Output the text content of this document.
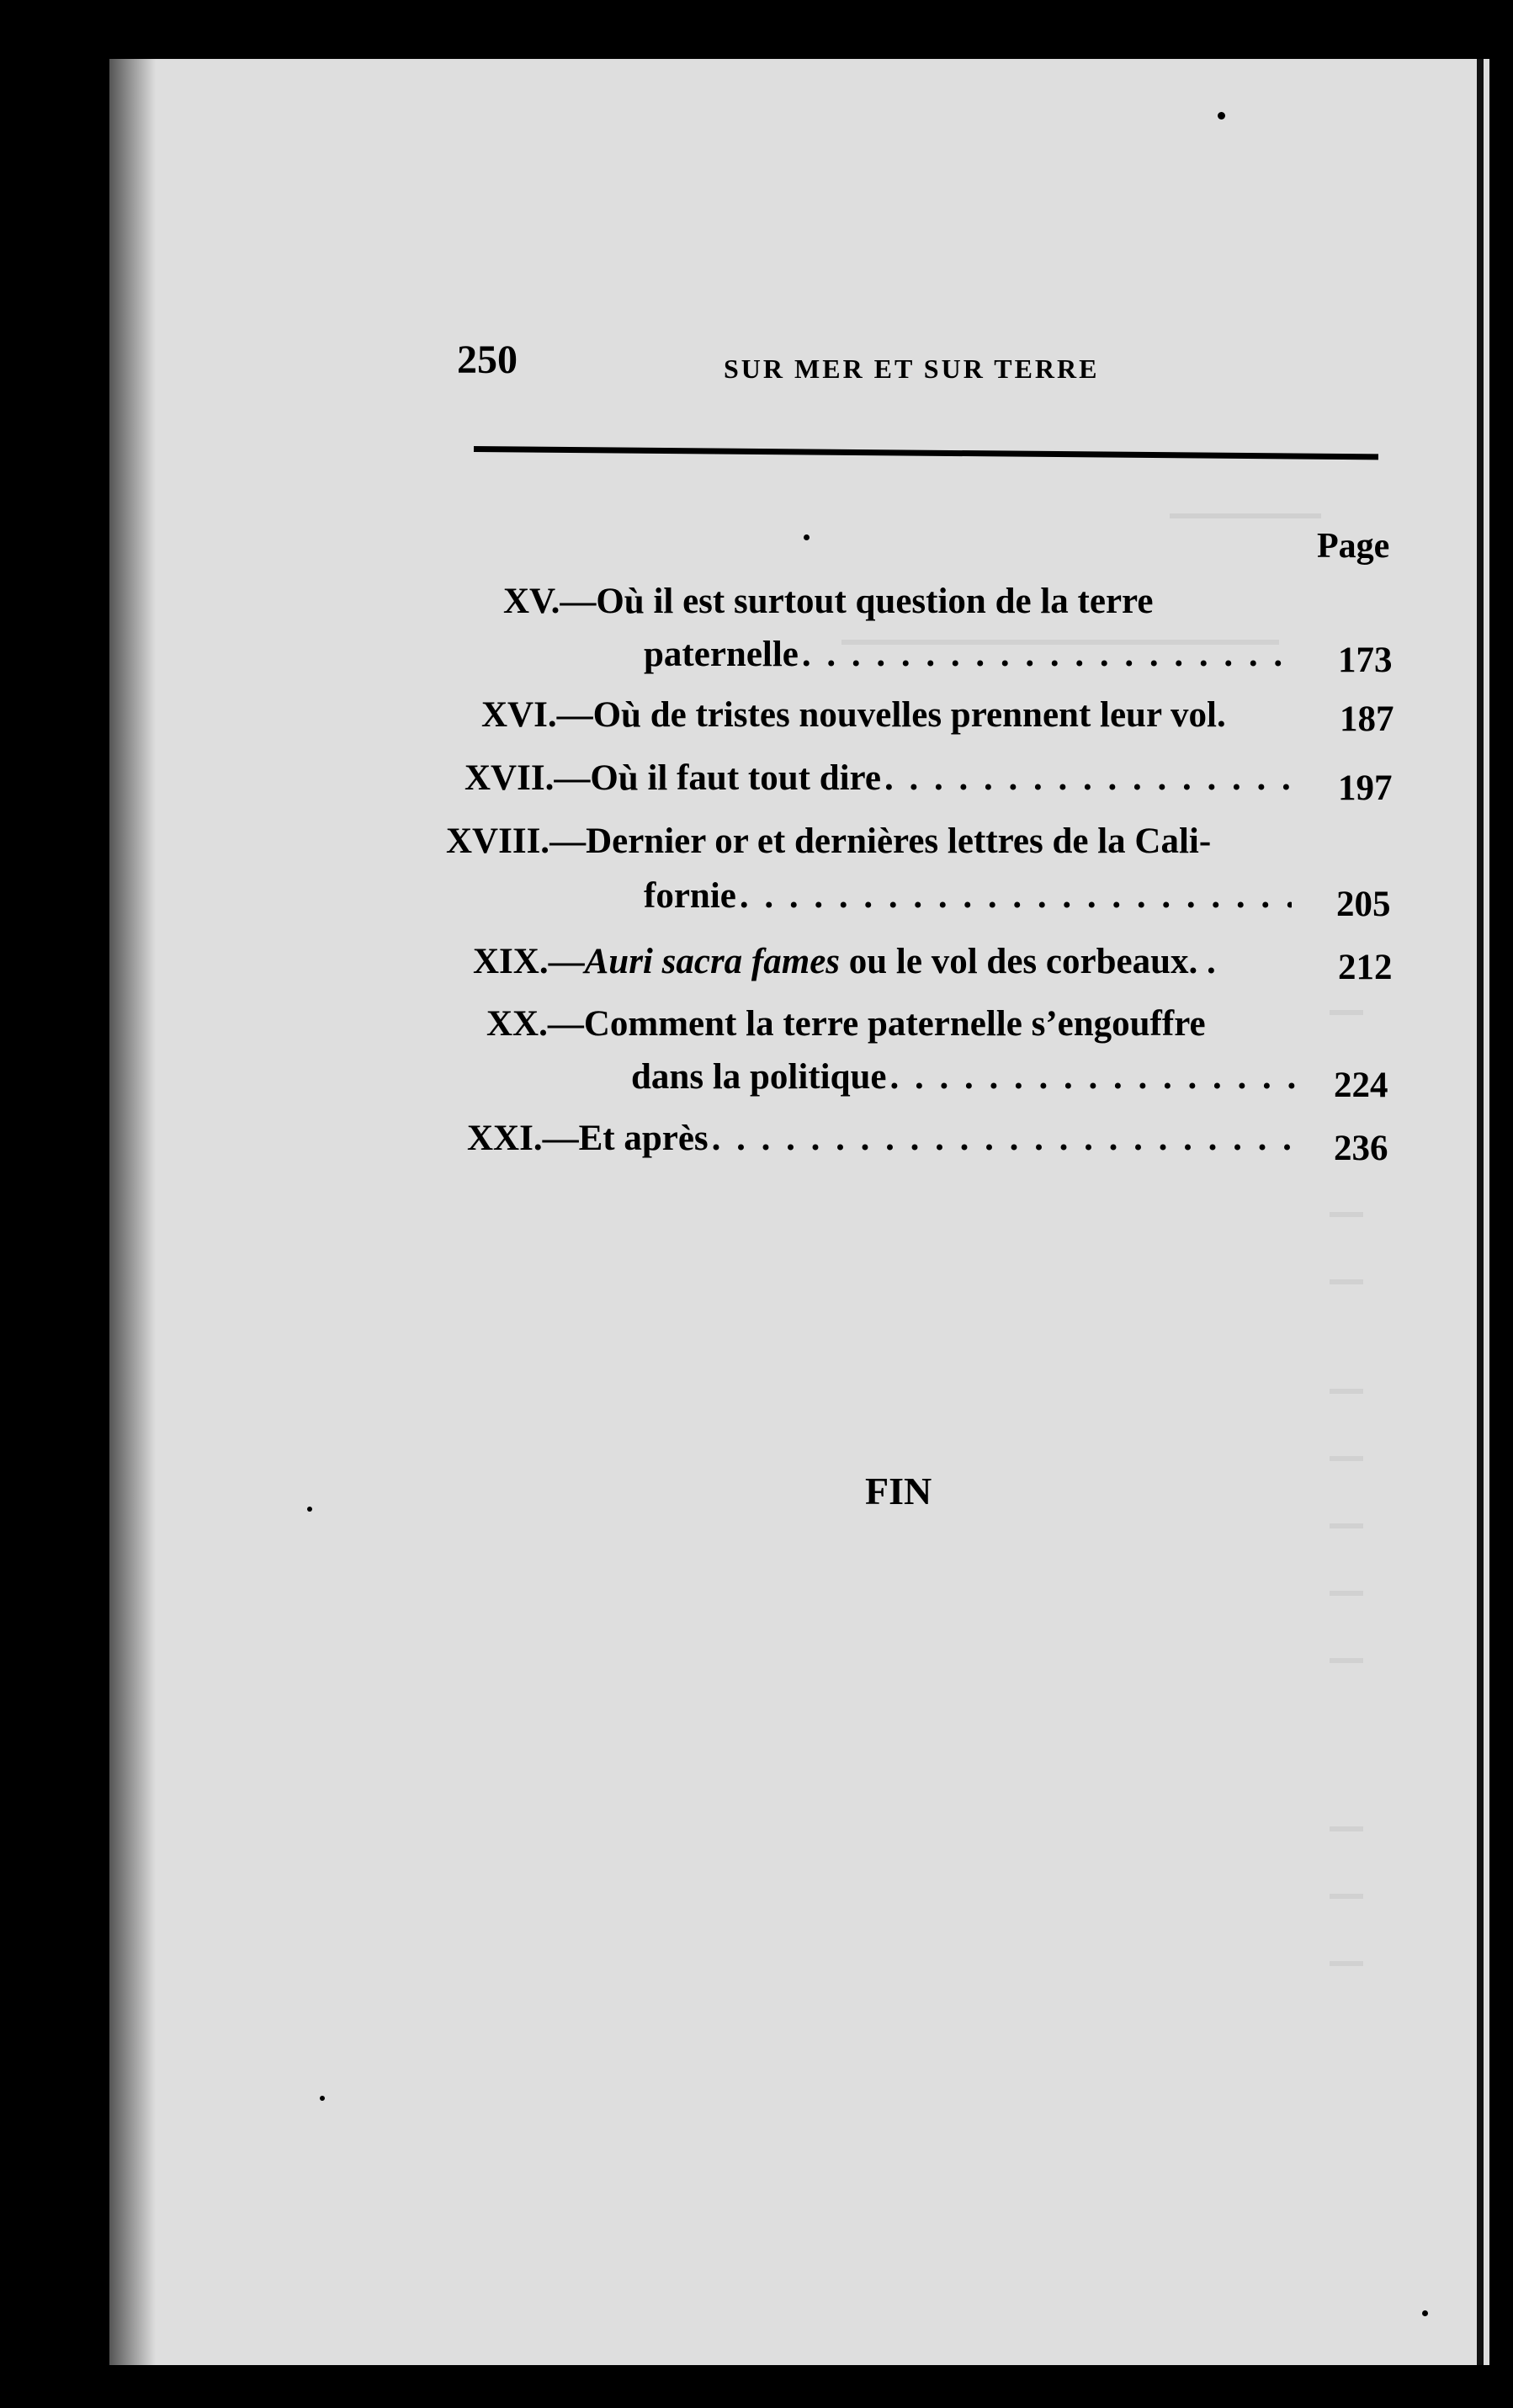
250	SUR MER ET SUR TERRE
Page
XV.—Où il est surtout question de la terre
paternelle . . .	173
XVI.—Où de tristes nouvelles prennent leur vol.	187
XVII. —Où il faut tout dire . . .	197
XVIII.—Dernier or et dernières lettres de la Cali-
fornie . . .	205
XIX.—Auri sacra fames ou le vol des corbeaux. .	212
XX.—Comment la terre paternelle s’engouffre
dans la politique . . .	224
XXI. —Et après . . .	236
FIN
